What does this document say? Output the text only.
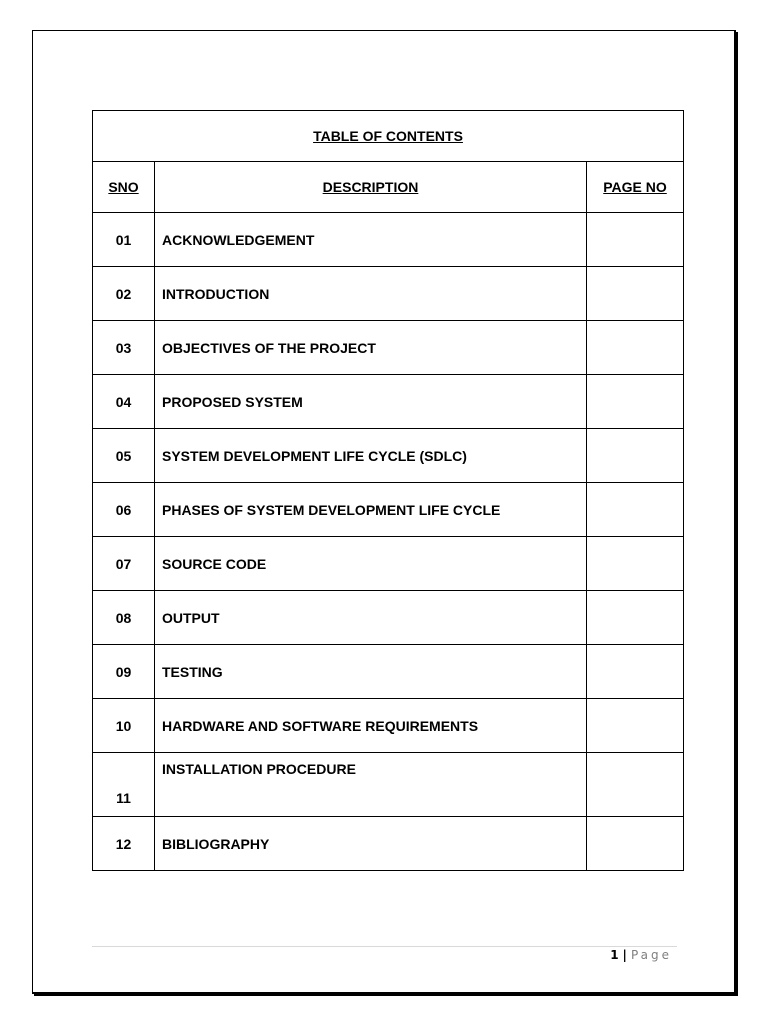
TABLE OF CONTENTS		
SNO	DESCRIPTION	PAGE NO
01	ACKNOWLEDGEMENT	
02	INTRODUCTION	
03	OBJECTIVES OF THE PROJECT	
04	PROPOSED SYSTEM	
05	SYSTEM DEVELOPMENT LIFE CYCLE (SDLC)	
06	PHASES OF SYSTEM DEVELOPMENT LIFE CYCLE	
07	SOURCE CODE	
08	OUTPUT	
09	TESTING	
10	HARDWARE AND SOFTWARE REQUIREMENTS	
11	INSTALLATION PROCEDURE	
12	BIBLIOGRAPHY	
1 | Page
